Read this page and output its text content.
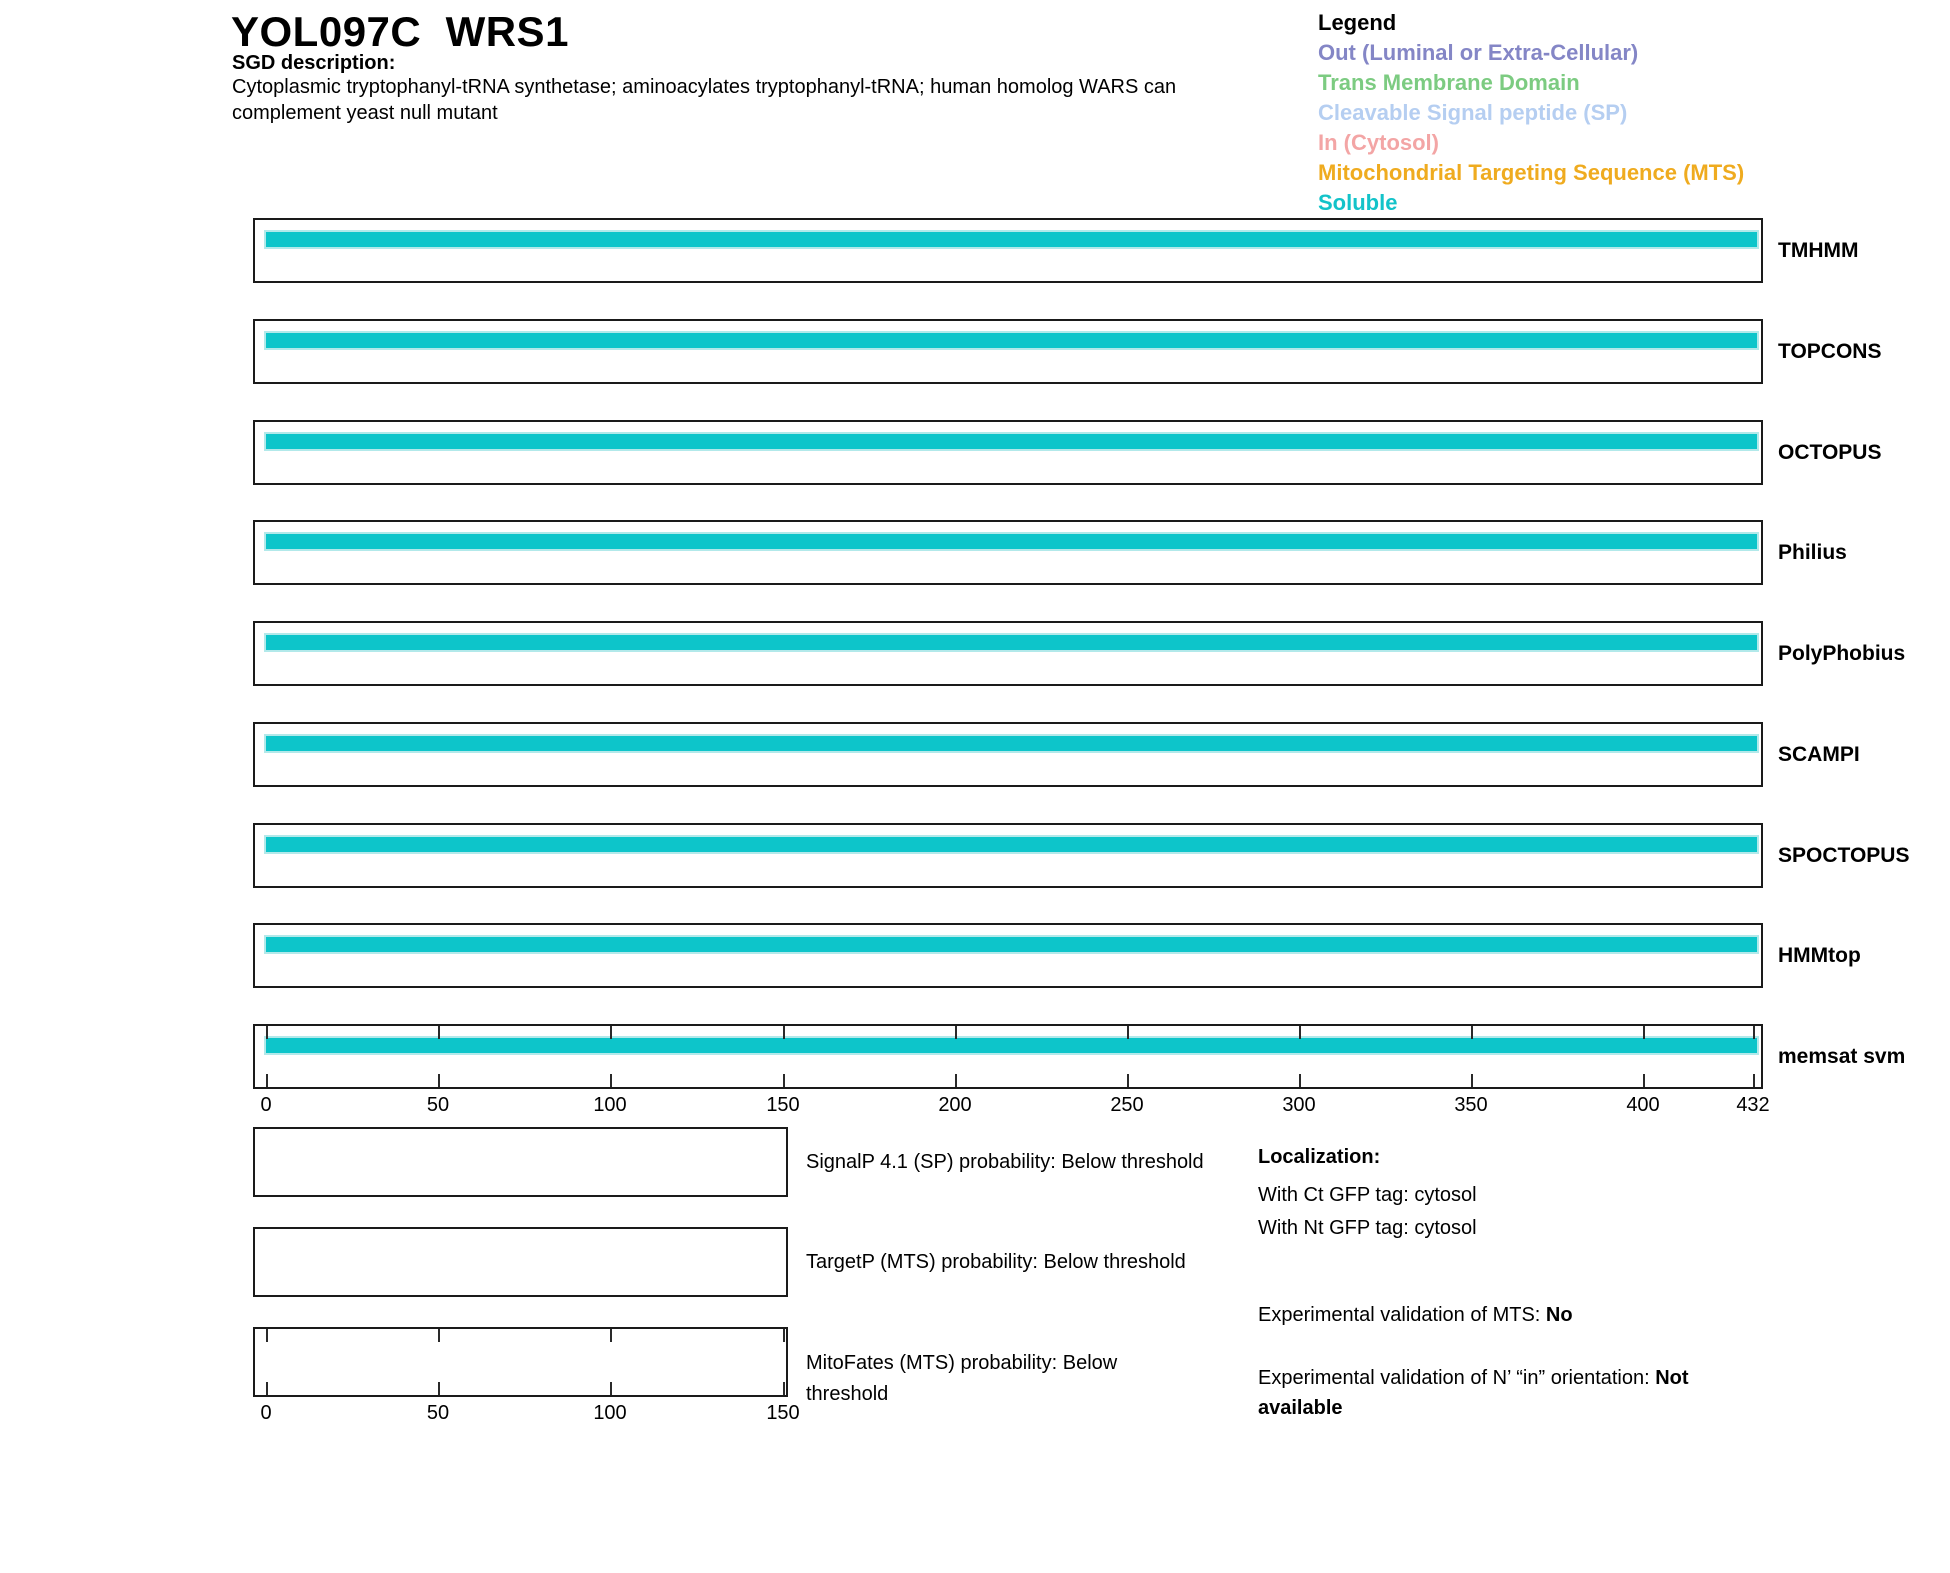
YOL097C  WRS1
SGD description:
Cytoplasmic tryptophanyl-tRNA synthetase; aminoacylates tryptophanyl-tRNA; human homolog WARS can complement yeast null mutant
Legend
Out (Luminal or Extra-Cellular)
Trans Membrane Domain
Cleavable Signal peptide (SP)
In (Cytosol)
Mitochondrial Targeting Sequence (MTS)
Soluble
TMHMM
TOPCONS
OCTOPUS
Philius
PolyPhobius
SCAMPI
SPOCTOPUS
HMMtop
memsat svm
0	50	100	150	200	250	300	350	400	432
SignalP 4.1 (SP) probability: Below threshold
TargetP (MTS) probability: Below threshold
MitoFates (MTS) probability: Below threshold
0	50	100	150
Localization:
With Ct GFP tag: cytosol
With Nt GFP tag: cytosol
Experimental validation of MTS: No
Experimental validation of N’ “in” orientation: Not available
